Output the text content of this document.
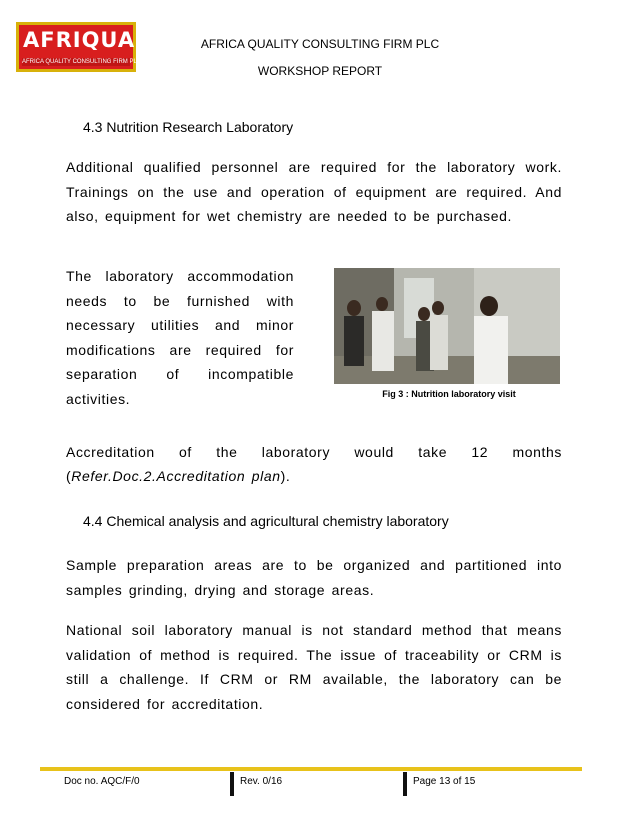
AFRIQUAL
AFRICA QUALITY CONSULTING FIRM PLC
AFRICA QUALITY CONSULTING FIRM PLC
WORKSHOP REPORT
4.3 Nutrition Research Laboratory
Additional qualified personnel are required for the laboratory work. Trainings on the use and operation of equipment are required. And also, equipment for wet chemistry are needed to be purchased.
The laboratory accommodation needs to be furnished with necessary utilities and minor modifications are required for separation of incompatible activities.	Fig 3 : Nutrition laboratory visit
Accreditation of the laboratory would take 12 months
(Refer.Doc.2.Accreditation plan).
4.4 Chemical analysis and agricultural chemistry laboratory
Sample preparation areas are to be organized and partitioned into samples grinding, drying and storage areas.
National soil laboratory manual is not standard method that means validation of method is required. The issue of traceability or CRM is still a challenge. If CRM or RM available, the laboratory can be considered for accreditation.
Doc no. AQC/F/0	Rev. 0/16	Page 13 of 15
